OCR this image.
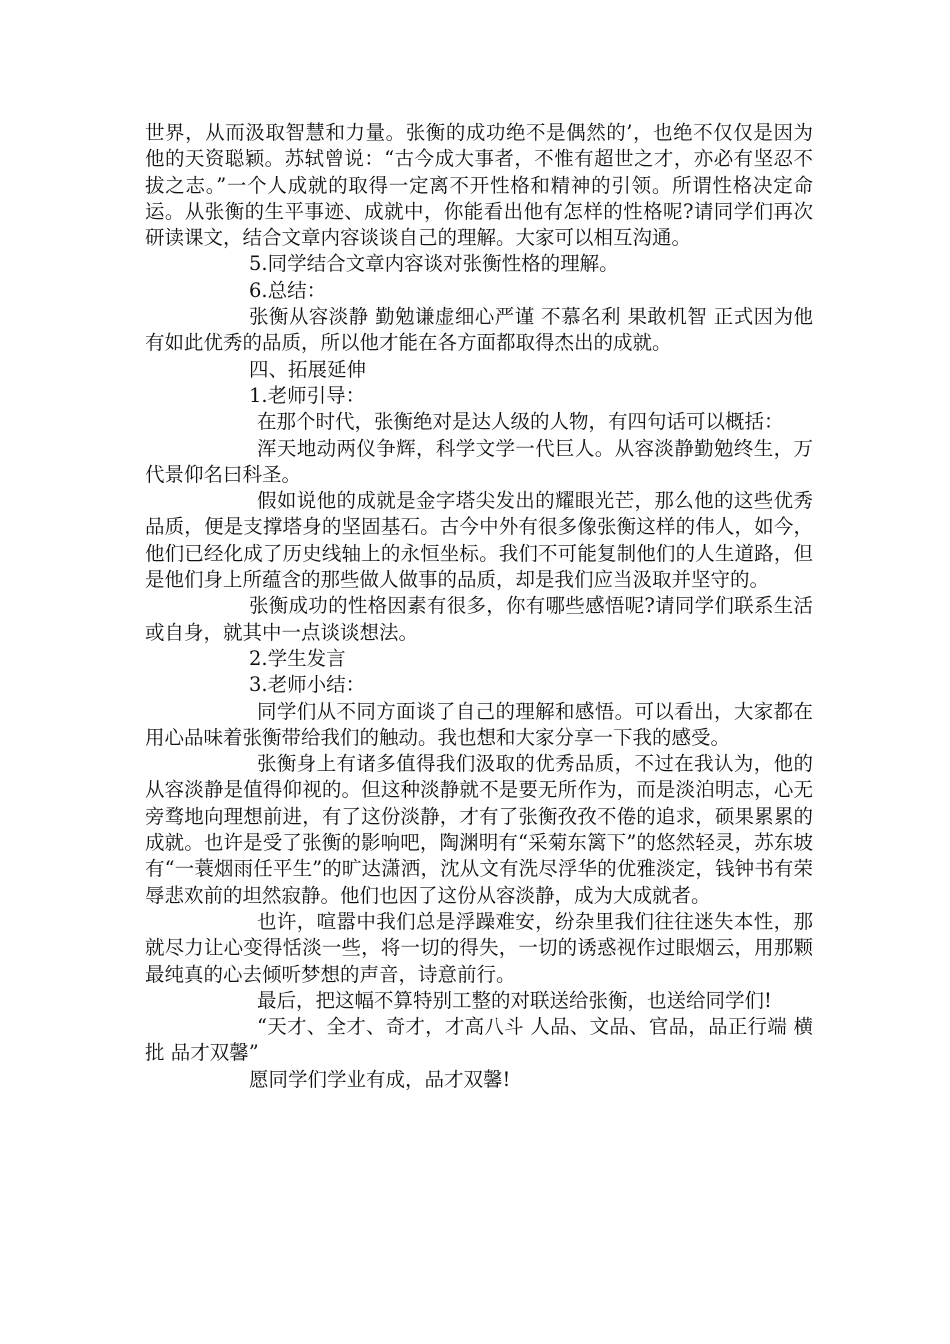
世界，从而汲取智慧和力量。张衡的成功绝不是偶然的’，也绝不仅仅是因为他的天资聪颖。苏轼曾说：“古今成大事者，不惟有超世之才，亦必有坚忍不拔之志。”一个人成就的取得一定离不开性格和精神的引领。所谓性格决定命运。从张衡的生平事迹、成就中，你能看出他有怎样的性格呢?请同学们再次研读课文，结合文章内容谈谈自己的理解。大家可以相互沟通。

5.同学结合文章内容谈对张衡性格的理解。

6.总结：

张衡从容淡静 勤勉谦虚细心严谨 不慕名利 果敢机智 正式因为他有如此优秀的品质，所以他才能在各方面都取得杰出的成就。

四、拓展延伸

1.老师引导：

在那个时代，张衡绝对是达人级的人物，有四句话可以概括：

浑天地动两仪争辉，科学文学一代巨人。从容淡静勤勉终生，万代景仰名曰科圣。

假如说他的成就是金字塔尖发出的耀眼光芒，那么他的这些优秀品质，便是支撑塔身的坚固基石。古今中外有很多像张衡这样的伟人，如今，他们已经化成了历史线轴上的永恒坐标。我们不可能复制他们的人生道路，但是他们身上所蕴含的那些做人做事的品质，却是我们应当汲取并坚守的。

张衡成功的性格因素有很多，你有哪些感悟呢?请同学们联系生活或自身，就其中一点谈谈想法。

2.学生发言

3.老师小结：

同学们从不同方面谈了自己的理解和感悟。可以看出，大家都在用心品味着张衡带给我们的触动。我也想和大家分享一下我的感受。

张衡身上有诸多值得我们汲取的优秀品质，不过在我认为，他的从容淡静是值得仰视的。但这种淡静就不是要无所作为，而是淡泊明志，心无旁骛地向理想前进，有了这份淡静，才有了张衡孜孜不倦的追求，硕果累累的成就。也许是受了张衡的影响吧，陶渊明有“采菊东篱下”的悠然轻灵，苏东坡有“一蓑烟雨任平生”的旷达潇洒，沈从文有洗尽浮华的优雅淡定，钱钟书有荣辱悲欢前的坦然寂静。他们也因了这份从容淡静，成为大成就者。

也许，喧嚣中我们总是浮躁难安，纷杂里我们往往迷失本性，那就尽力让心变得恬淡一些，将一切的得失，一切的诱惑视作过眼烟云，用那颗最纯真的心去倾听梦想的声音，诗意前行。

最后，把这幅不算特别工整的对联送给张衡，也送给同学们!

“天才、全才、奇才，才高八斗 人品、文品、官品，品正行端 横批 品才双馨”

愿同学们学业有成，品才双馨!
